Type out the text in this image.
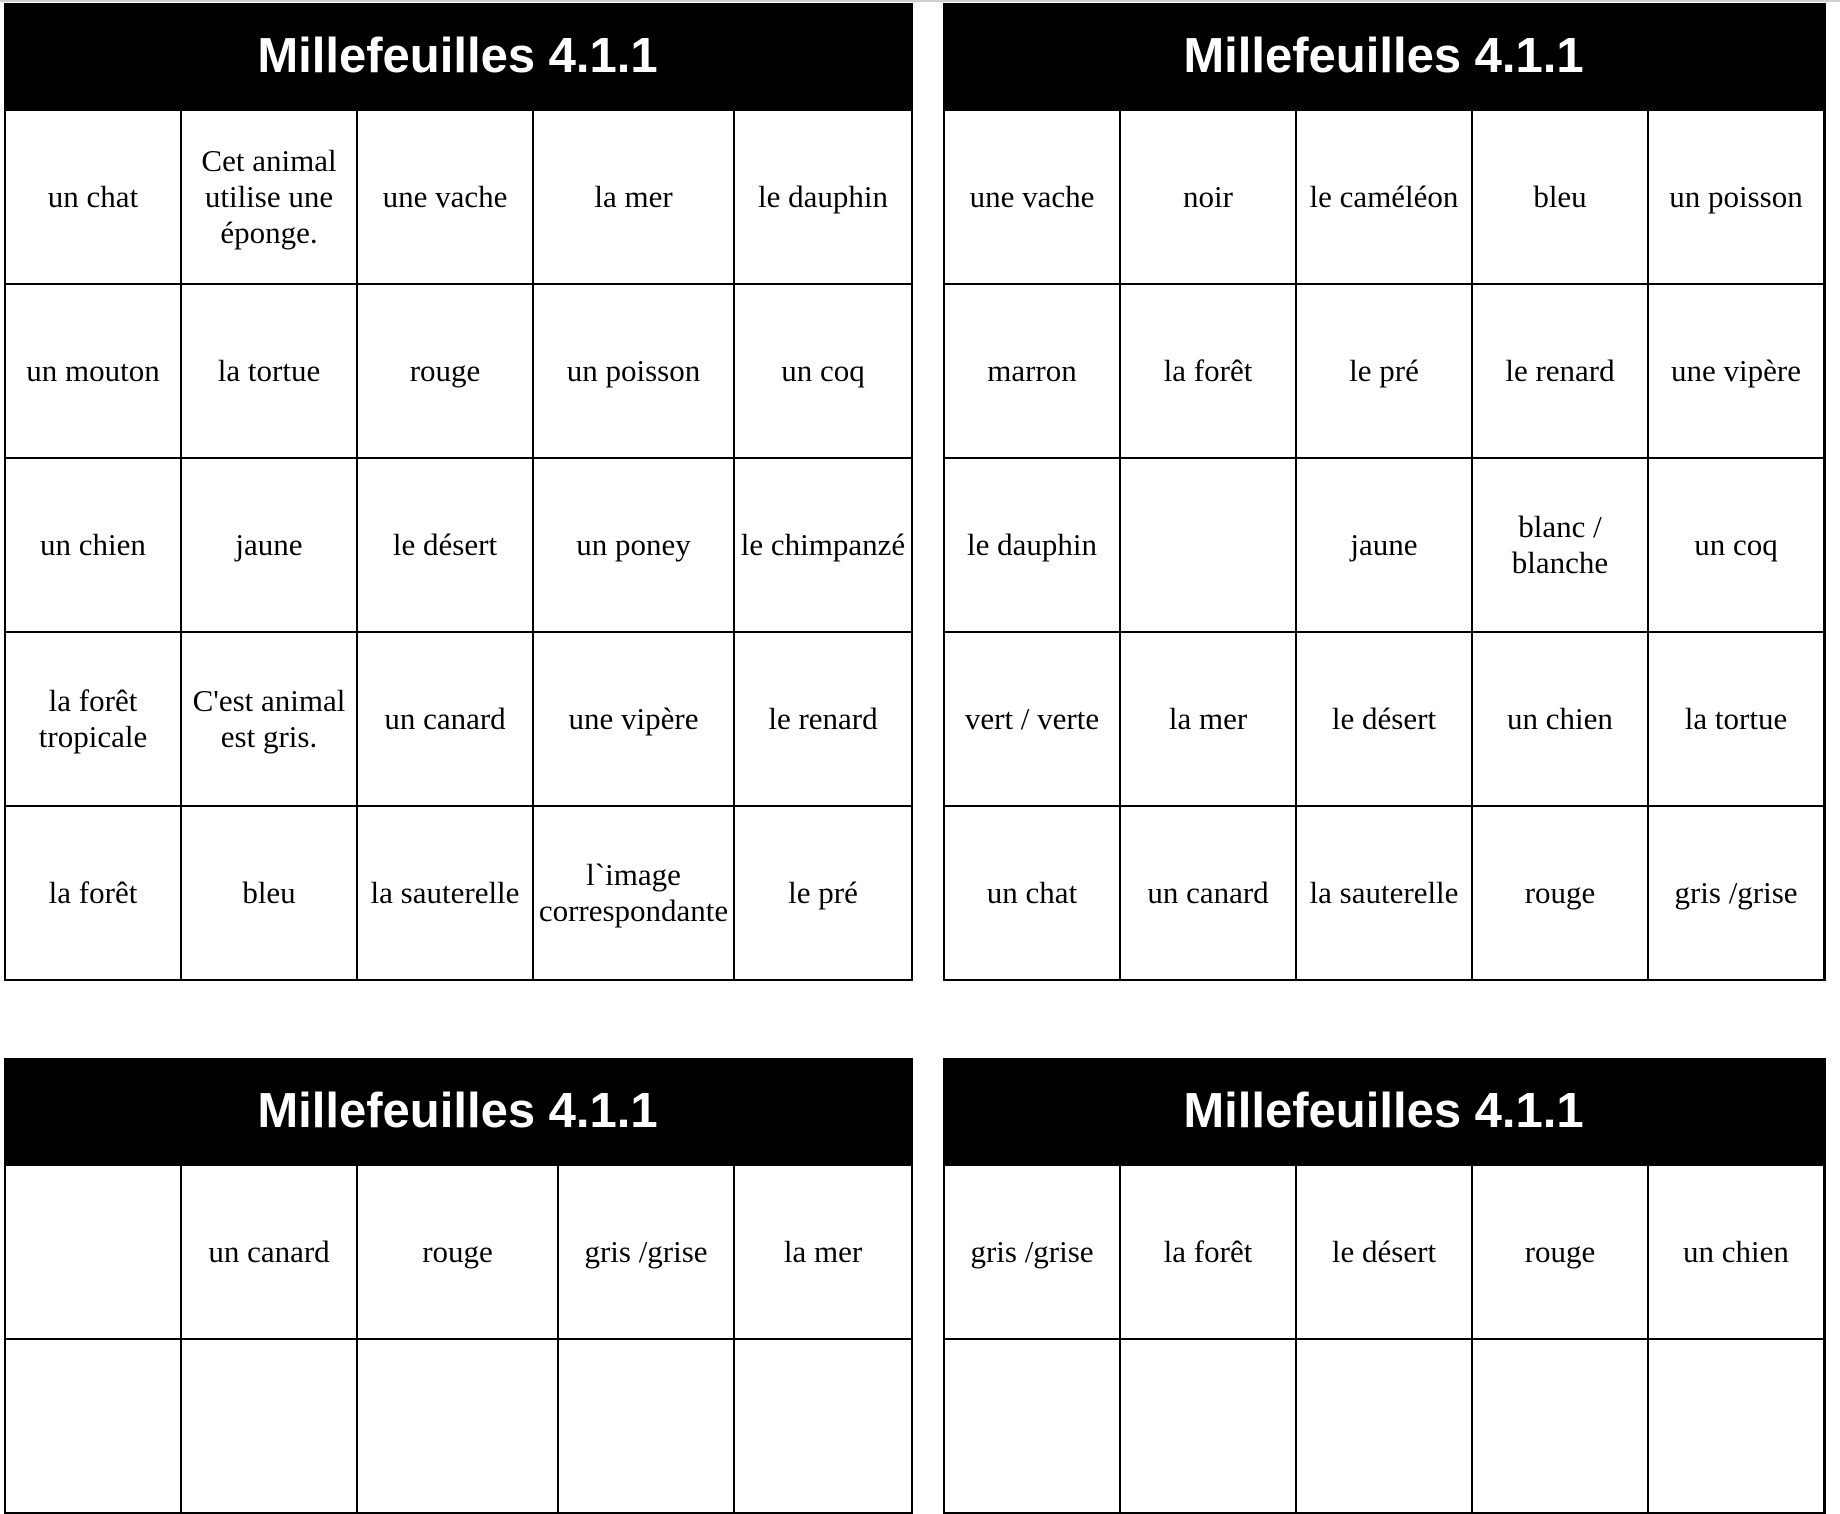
Millefeuilles 4.1.1
un chat	Cet animal utilise une éponge.	une vache	la mer	le dauphin
un mouton	la tortue	rouge	un poisson	un coq
un chien	jaune	le désert	un poney	le chimpanzé
la forêt tropicale	C'est animal est gris.	un canard	une vipère	le renard
la forêt	bleu	la sauterelle	l`image correspondante	le pré
Millefeuilles 4.1.1
une vache	noir	le caméléon	bleu	un poisson
marron	la forêt	le pré	le renard	une vipère
le dauphin		jaune	blanc / blanche	un coq
vert / verte	la mer	le désert	un chien	la tortue
un chat	un canard	la sauterelle	rouge	gris /grise
Millefeuilles 4.1.1
	un canard	rouge	gris /grise	la mer

Millefeuilles 4.1.1
gris /grise	la forêt	le désert	rouge	un chien
